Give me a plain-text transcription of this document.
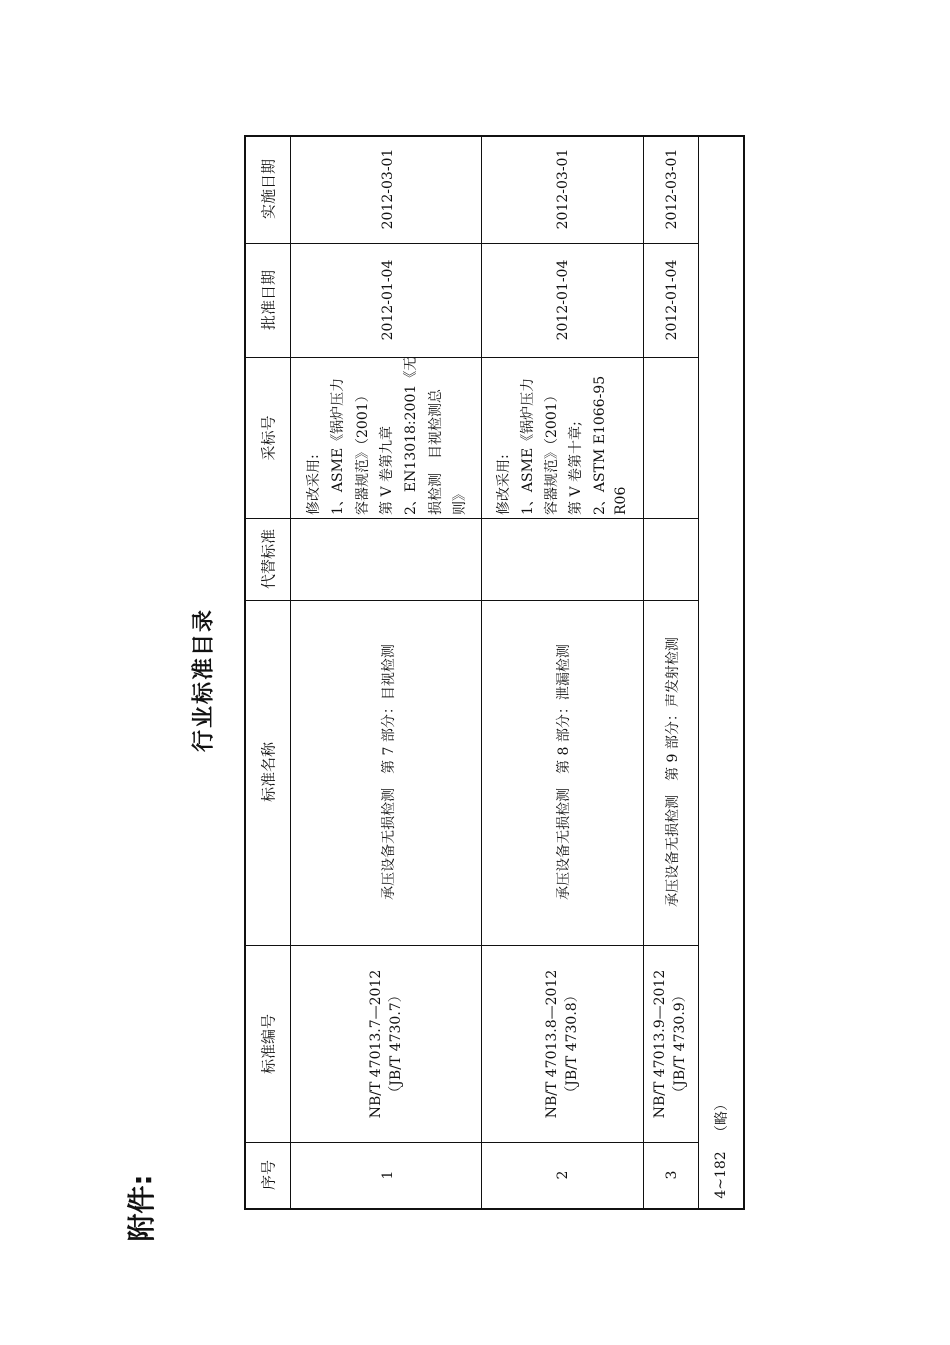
附件:
行业标准目录
实施日期
批准日期
采标号
代替标准
标准名称
标准编号
序号
2012-03-01
2012-01-04
修改采用: 1、ASME《锅炉压力 容器规范》（2001） 第 V 卷第九章 2、EN13018:2001《无 损检测　目视检测总 则》
承压设备无损检测　第 7 部分：目视检测
NB/T 47013.7—2012 （JB/T 4730.7）
1
2012-03-01
2012-01-04
修改采用: 1、ASME《锅炉压力 容器规范》（2001） 第 V 卷第十章; 2、ASTM E1066-95 R06
承压设备无损检测　第 8 部分：泄漏检测
NB/T 47013.8—2012 （JB/T 4730.8）
2
2012-03-01
2012-01-04
承压设备无损检测　第 9 部分：声发射检测
NB/T 47013.9—2012 （JB/T 4730.9）
3 4~182
（略）
